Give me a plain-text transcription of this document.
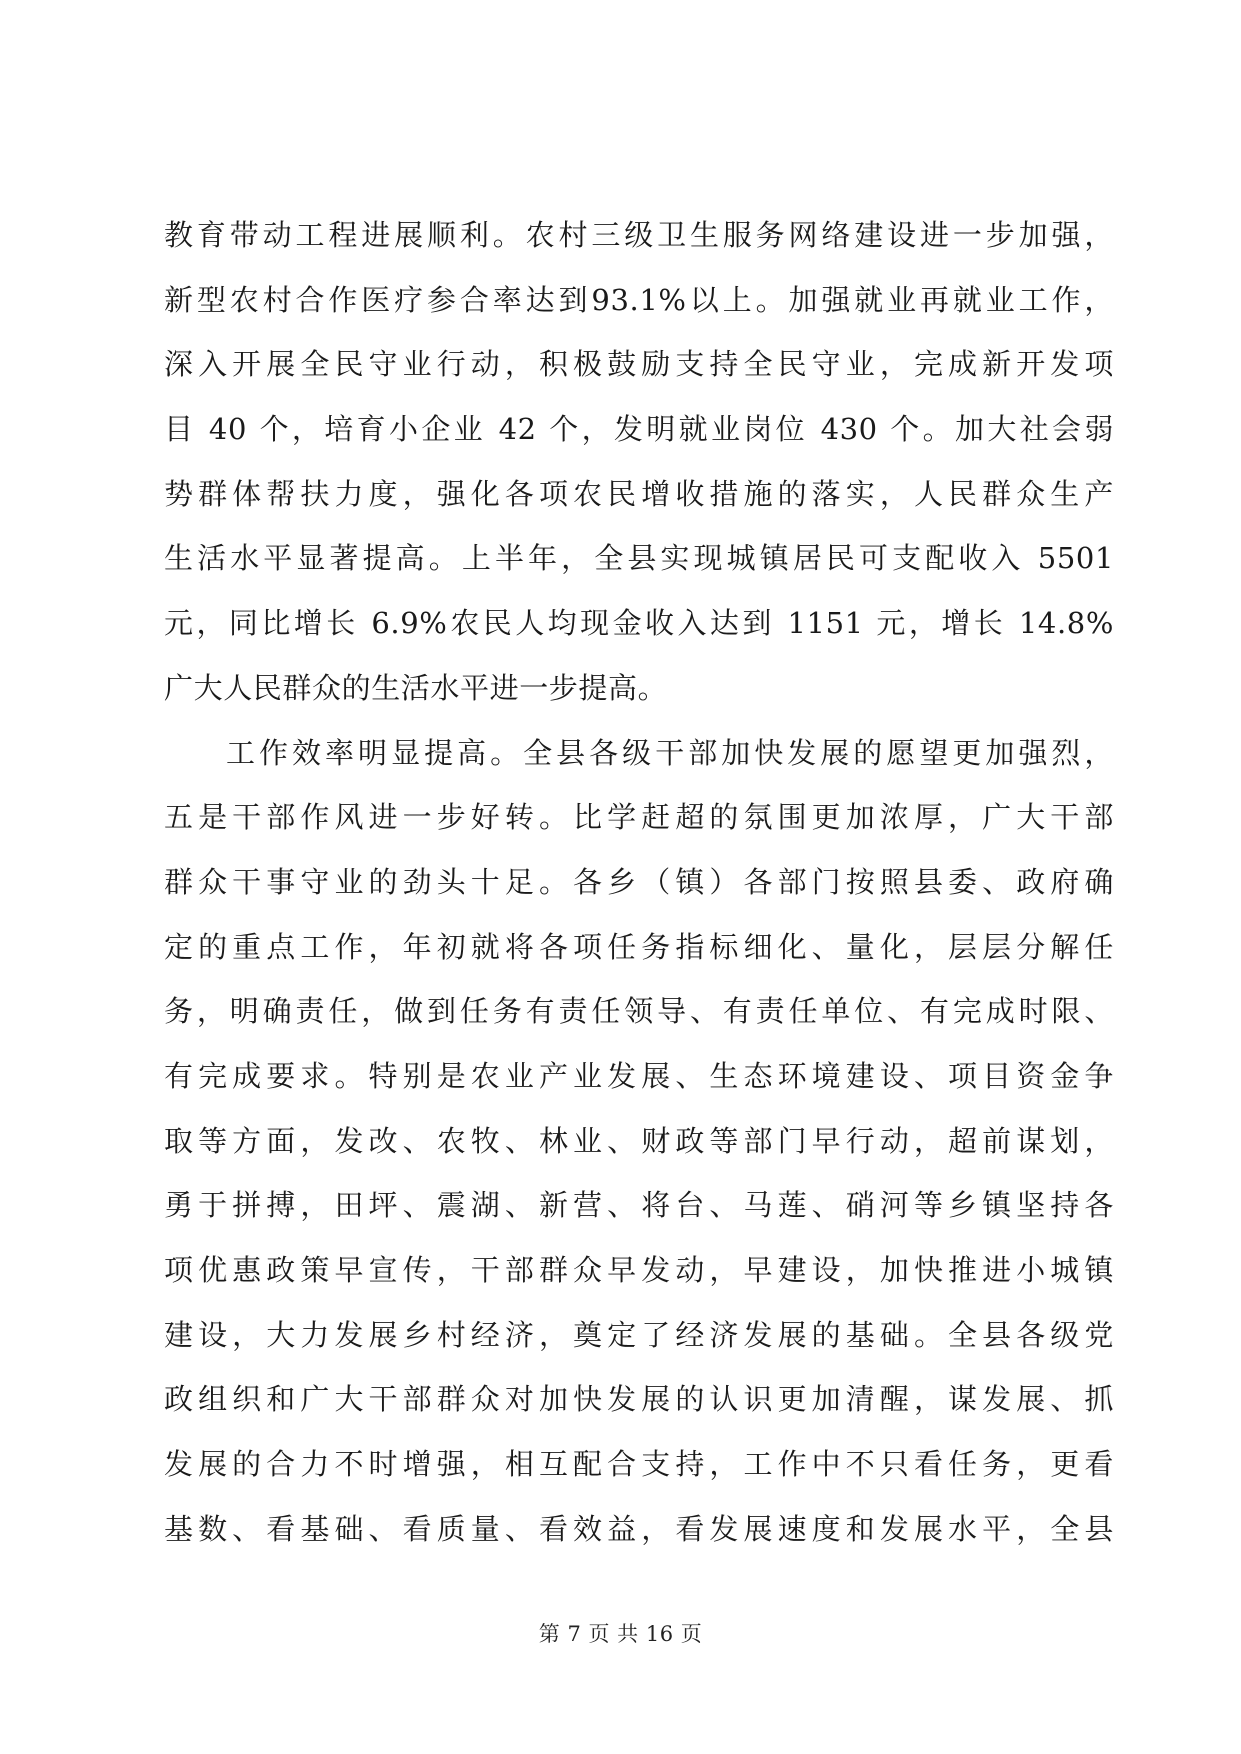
教育带动工程进展顺利。农村三级卫生服务网络建设进一步加强，
新型农村合作医疗参合率达到93.1%以上。加强就业再就业工作，
深入开展全民守业行动，积极鼓励支持全民守业，完成新开发项
目 40 个，培育小企业 42 个，发明就业岗位 430 个。加大社会弱
势群体帮扶力度，强化各项农民增收措施的落实，人民群众生产
生活水平显著提高。上半年，全县实现城镇居民可支配收入 5501
元，同比增长 6.9%农民人均现金收入达到 1151 元，增长 14.8%
广大人民群众的生活水平进一步提高。
工作效率明显提高。全县各级干部加快发展的愿望更加强烈，
五是干部作风进一步好转。比学赶超的氛围更加浓厚，广大干部
群众干事守业的劲头十足。各乡（镇）各部门按照县委、政府确
定的重点工作，年初就将各项任务指标细化、量化，层层分解任
务，明确责任，做到任务有责任领导、有责任单位、有完成时限、
有完成要求。特别是农业产业发展、生态环境建设、项目资金争
取等方面，发改、农牧、林业、财政等部门早行动，超前谋划，
勇于拼搏，田坪、震湖、新营、将台、马莲、硝河等乡镇坚持各
项优惠政策早宣传，干部群众早发动，早建设，加快推进小城镇
建设，大力发展乡村经济，奠定了经济发展的基础。全县各级党
政组织和广大干部群众对加快发展的认识更加清醒，谋发展、抓
发展的合力不时增强，相互配合支持，工作中不只看任务，更看
基数、看基础、看质量、看效益，看发展速度和发展水平，全县
第 7 页 共 16 页
